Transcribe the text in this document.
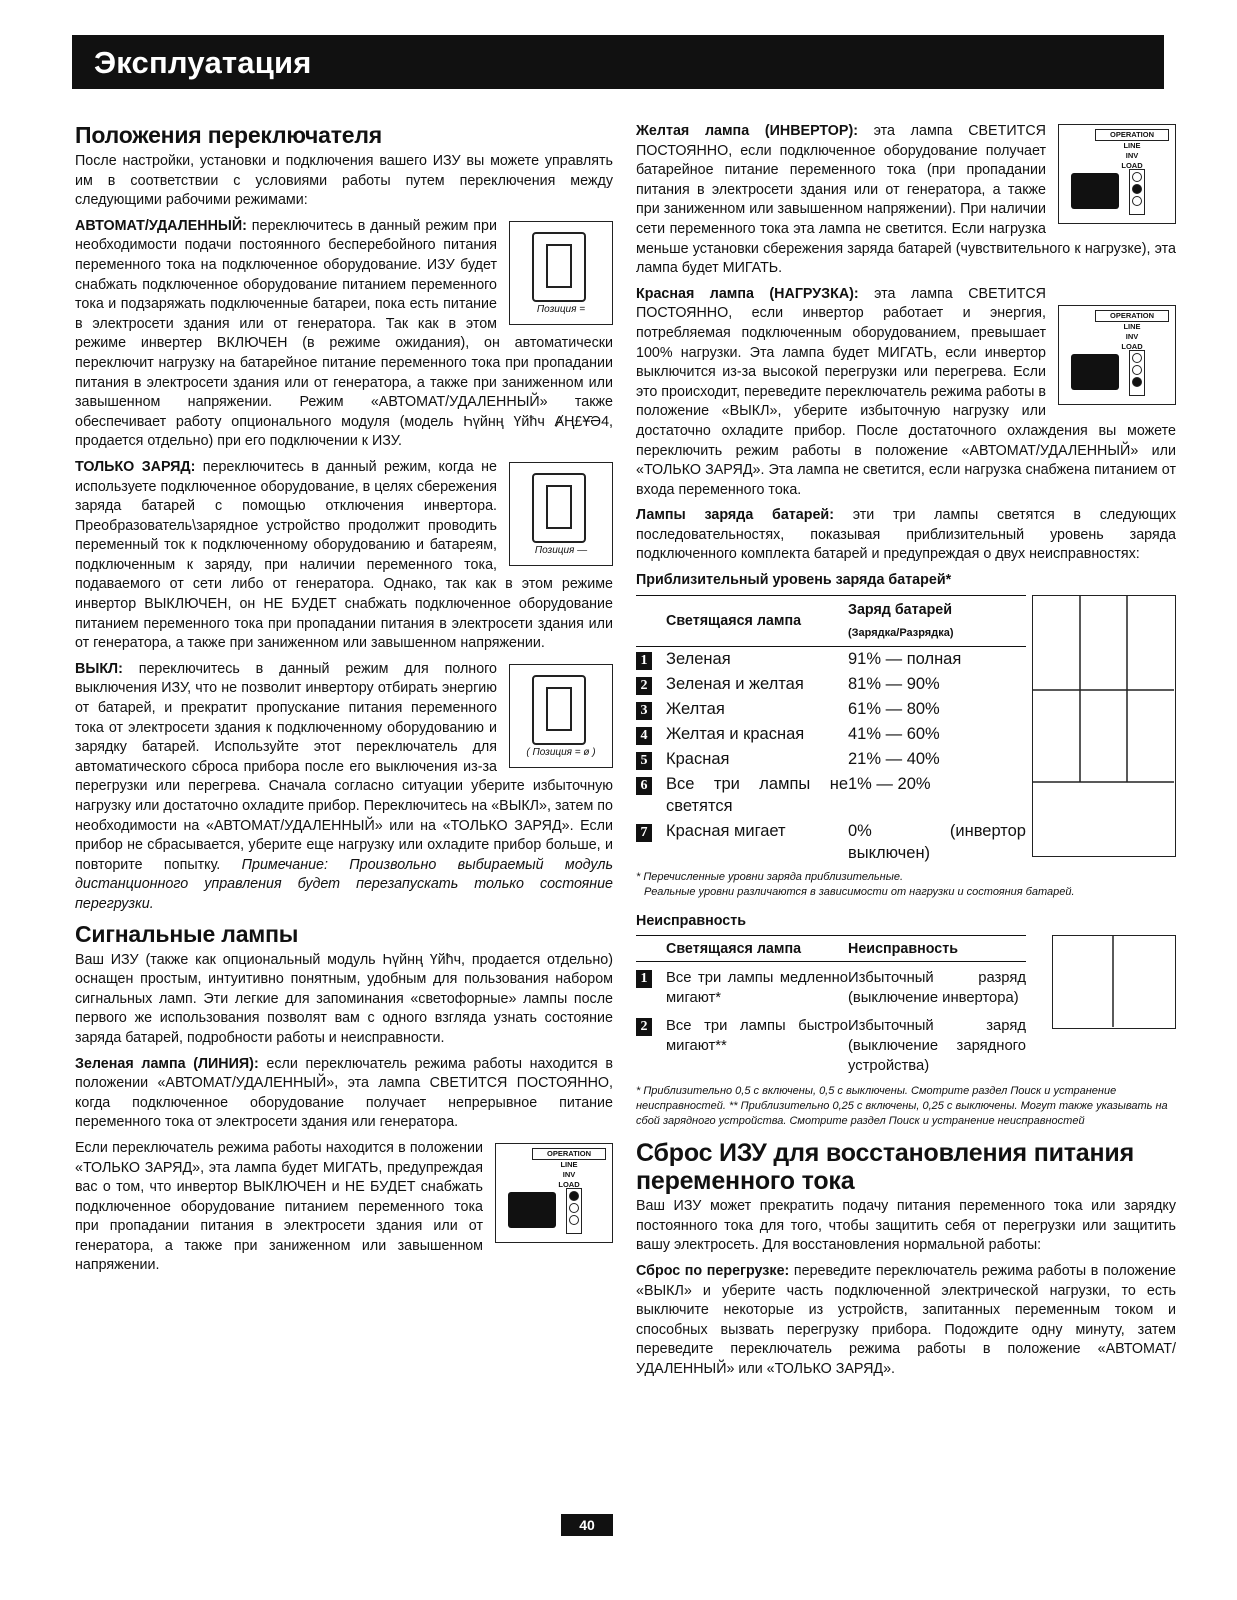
Эксплуатация
Положения переключателя

После настройки, установки и подключения вашего ИЗУ вы можете управлять им в соответствии с условиями работы путем переключения между следующими рабочими режимами:

Позиция =

АВТОМАТ/УДАЛЕННЫЙ: переключитесь в данный режим при необходимости подачи постоянного бесперебойного питания переменного тока на подключенное оборудование. ИЗУ будет снабжать подключенное оборудование питанием переменного тока и подзаряжать подключенные батареи, пока есть питание в электросети здания или от генератора. Так как в этом режиме инвертер ВКЛЮЧЕН (в режиме ожидания), он автоматически переключит нагрузку на батарейное питание переменного тока при пропадании питания в электросети здания или от генератора, а также при заниженном или завышенном напряжении. Режим «АВТОМАТ/УДАЛЕННЫЙ» также обеспечивает работу опционального модуля (модель Һүйнң Үйħч ȺҢ£Ұ̄Ә4, продается отдельно) при его подключении к ИЗУ.

Позиция —

ТОЛЬКО ЗАРЯД: переключитесь в данный режим, когда не используете подключенное оборудование, в целях сбережения заряда батарей с помощью отключения инвертора. Преобразователь\зарядное устройство продолжит проводить переменный ток к подключенному оборудованию и батареям, подключенным к заряду, при наличии переменного тока, подаваемого от сети либо от генератора. Однако, так как в этом режиме инвертор ВЫКЛЮЧЕН, он НЕ БУДЕТ снабжать подключенное оборудование питанием переменного тока при пропадании питания в электросети здания или от генератора, а также при заниженном или завышенном напряжении.

( Позиция = ø )

ВЫКЛ: переключитесь в данный режим для полного выключения ИЗУ, что не позволит инвертору отбирать энергию от батарей, и прекратит пропускание питания переменного тока от электросети здания к подключенному оборудованию и зарядку батарей. Используйте этот переключатель для автоматического сброса прибора после его выключения из-за перегрузки или перегрева. Сначала согласно ситуации уберите избыточную нагрузку или достаточно охладите прибор. Переключитесь на «ВЫКЛ», затем по необходимости на «АВТОМАТ/УДАЛЕННЫЙ» или на «ТОЛЬКО ЗАРЯД». Если прибор не сбрасывается, уберите еще нагрузку или охладите прибор больше, и повторите попытку. Примечание: Произвольно выбираемый модуль дистанционного управления будет перезапускать только состояние перегрузки.

Сигнальные лампы

Ваш ИЗУ (также как опциональный модуль Һүйнң Үйħч, продается отдельно) оснащен простым, интуитивно понятным, удобным для пользования набором сигнальных ламп. Эти легкие для запоминания «светофорные» лампы после первого же использования позволят вам с одного взгляда узнать состояние заряда батарей, подробности работы и неисправности.

Зеленая лампа (ЛИНИЯ): если переключатель режима работы находится в положении «АВТОМАТ/УДАЛЕННЫЙ», эта лампа СВЕТИТСЯ ПОСТОЯННО, когда подключенное оборудование получает непрерывное питание переменного тока от электросети здания или генератора.

OPERATION
LINE
INV
LOAD

Если переключатель режима работы находится в положении «ТОЛЬКО ЗАРЯД», эта лампа будет МИГАТЬ, предупреждая вас о том, что инвертор ВЫКЛЮЧЕН и НЕ БУДЕТ снабжать подключенное оборудование питанием переменного тока при пропадании питания в электросети здания или от генератора, а также при заниженном или завышенном напряжении.

OPERATION
LINE
INV
LOAD

Желтая лампа (ИНВЕРТОР): эта лампа СВЕТИТСЯ ПОСТОЯННО, если подключенное оборудование получает батарейное питание переменного тока (при пропадании питания в электросети здания или от генератора, а также при заниженном или завышенном напряжении). При наличии сети переменного тока эта лампа не светится. Если нагрузка меньше установки сбережения заряда батарей (чувствительного к нагрузке), эта лампа будет МИГАТЬ.

OPERATION
LINE
INV
LOAD

Красная лампа (НАГРУЗКА): эта лампа СВЕТИТСЯ ПОСТОЯННО, если инвертор работает и энергия, потребляемая подключенным оборудованием, превышает 100% нагрузки. Эта лампа будет МИГАТЬ, если инвертор выключится из-за высокой перегрузки или перегрева. Если это происходит, переведите переключатель режима работы в положение «ВЫКЛ», уберите избыточную нагрузку или достаточно охладите прибор. После достаточного охлаждения вы можете переключить режим работы в положение «АВТОМАТ/УДАЛЕННЫЙ» или «ТОЛЬКО ЗАРЯД». Эта лампа не светится, если нагрузка снабжена питанием от входа переменного тока.

Лампы заряда батарей: эти три лампы светятся в следующих последовательностях, показывая приблизительный уровень заряда подключенного комплекта батарей и предупреждая о двух неисправностях:

Приблизительный уровень заряда батарей*
	Светящаяся лампа	Заряд батарей
(Зарядка/Разрядка)
1	Зеленая	91% — полная
2	Зеленая и желтая	81% — 90%
3	Желтая	61% — 80%
4	Желтая и красная	41% — 60%
5	Красная	21% — 40%
6	Все три лампы не светятся	1% — 20%
7	Красная мигает	0% (инвертор выключен)
* Перечисленные уровни заряда приблизительные.
Реальные уровни различаются в зависимости от нагрузки и состояния батарей.
Неисправность
	Светящаяся лампа	Неисправность
1	Все три лампы медленно мигают*	Избыточный разряд (выключение инвертора)
2	Все три лампы быстро мигают**	Избыточный заряд (выключение зарядного устройства)
* Приблизительно 0,5 с включены, 0,5 с выключены. Смотрите раздел Поиск и устранение неисправностей. ** Приблизительно 0,25 с включены, 0,25 с выключены. Могут также указывать на сбой зарядного устройства. Смотрите раздел Поиск и устранение неисправностей
Сброс ИЗУ для восстановления питания переменного тока

Ваш ИЗУ может прекратить подачу питания переменного тока или зарядку постоянного тока для того, чтобы защитить себя от перегрузки или защитить вашу электросеть. Для восстановления нормальной работы:

Сброс по перегрузке: переведите переключатель режима работы в положение «ВЫКЛ» и уберите часть подключенной электрической нагрузки, то есть выключите некоторые из устройств, запитанных переменным током и способных вызвать перегрузку прибора. Подождите одну минуту, затем переведите переключатель режима работы в положение «АВТОМАТ/УДАЛЕННЫЙ» или «ТОЛЬКО ЗАРЯД».

40
